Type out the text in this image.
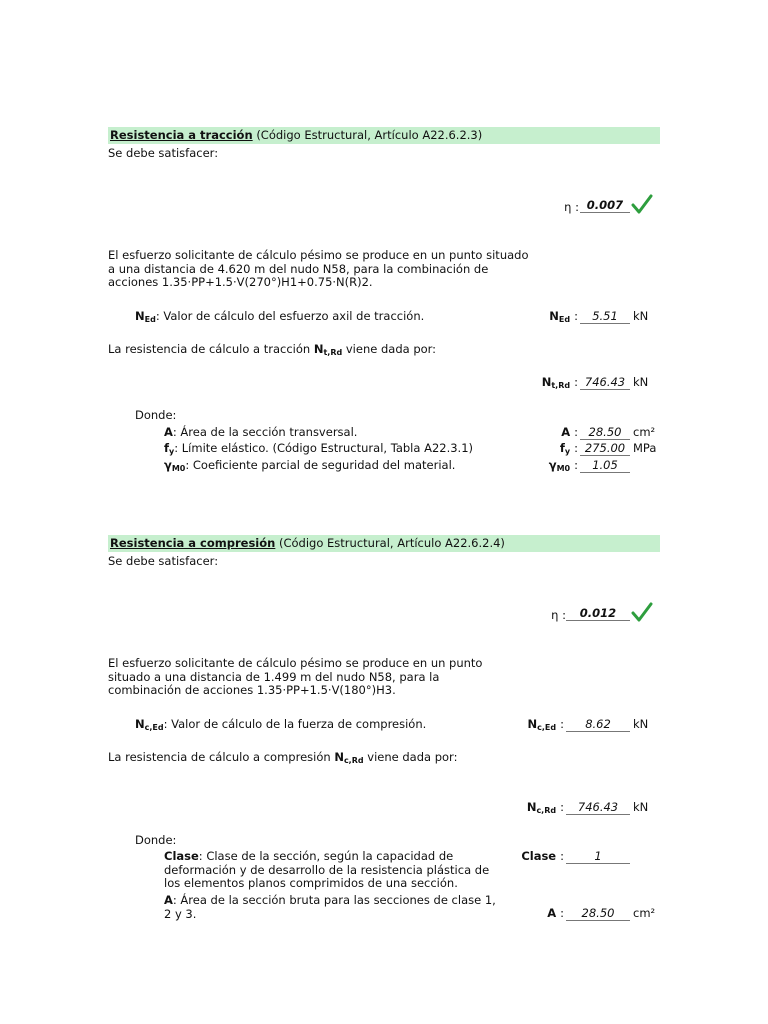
Resistencia a tracción (Código Estructural, Artículo A22.6.2.3)
Se debe satisfacer:
η : 0.007
El esfuerzo solicitante de cálculo pésimo se produce en un punto situado a una distancia de 4.620 m del nudo N58, para la combinación de acciones 1.35·PP+1.5·V(270°)H1+0.75·N(R)2.
$N_{Ed}$: Valor de cálculo del esfuerzo axil de tracción.	$N_{Ed}$ :	5.51	kN
La resistencia de cálculo a tracción $N_{t,Rd}$ viene dada por:
$N_{t,Rd}$ : 746.43 kN
Donde:
A: Área de la sección transversal.	A : 28.50	cm²
$f_y$: Límite elástico. (Código Estructural, Tabla A22.3.1)	$f_y$ : 275.00 MPa
$\gamma_{M0}$: Coeficiente parcial de seguridad del material.	$\gamma_{M0}$ :	1.05
Resistencia a compresión (Código Estructural, Artículo A22.6.2.4)
Se debe satisfacer:
η :	0.012
El esfuerzo solicitante de cálculo pésimo se produce en un punto situado a una distancia de 1.499 m del nudo N58, para la combinación de acciones 1.35·PP+1.5·V(180°)H3.
$N_{c,Ed}$: Valor de cálculo de la fuerza de compresión.	$N_{c,Ed}$ :	8.62	kN
La resistencia de cálculo a compresión $N_{c,Rd}$ viene dada por:
$N_{c,Rd}$ :	746.43	kN
Donde:
Clase: Clase de la sección, según la capacidad de deformación y de desarrollo de la resistencia plástica de los elementos planos comprimidos de una sección.
Clase :	1
A: Área de la sección bruta para las secciones de clase 1, 2 y 3.	A :	28.50	cm²
